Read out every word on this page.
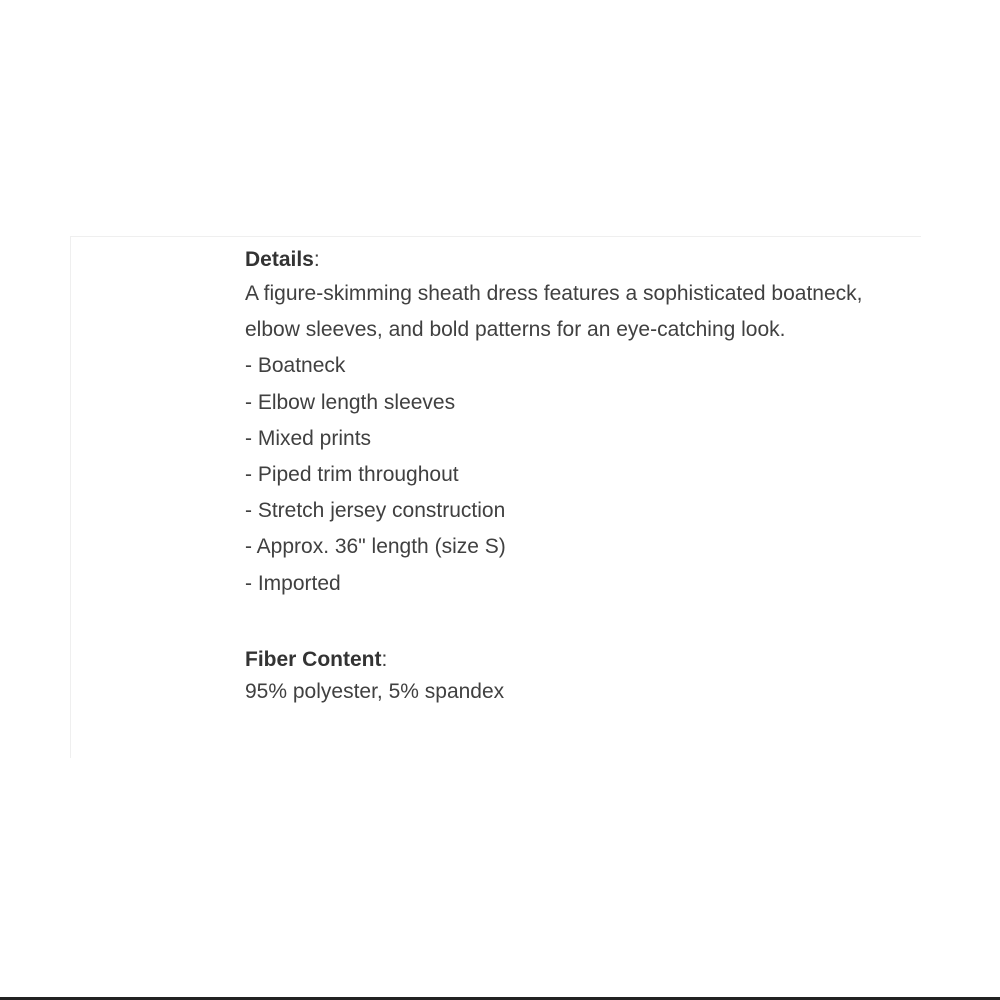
Details:
A figure-skimming sheath dress features a sophisticated boatneck,
elbow sleeves, and bold patterns for an eye-catching look.
- Boatneck
- Elbow length sleeves
- Mixed prints
- Piped trim throughout
- Stretch jersey construction
- Approx. 36" length (size S)
- Imported
Fiber Content:
95% polyester, 5% spandex
